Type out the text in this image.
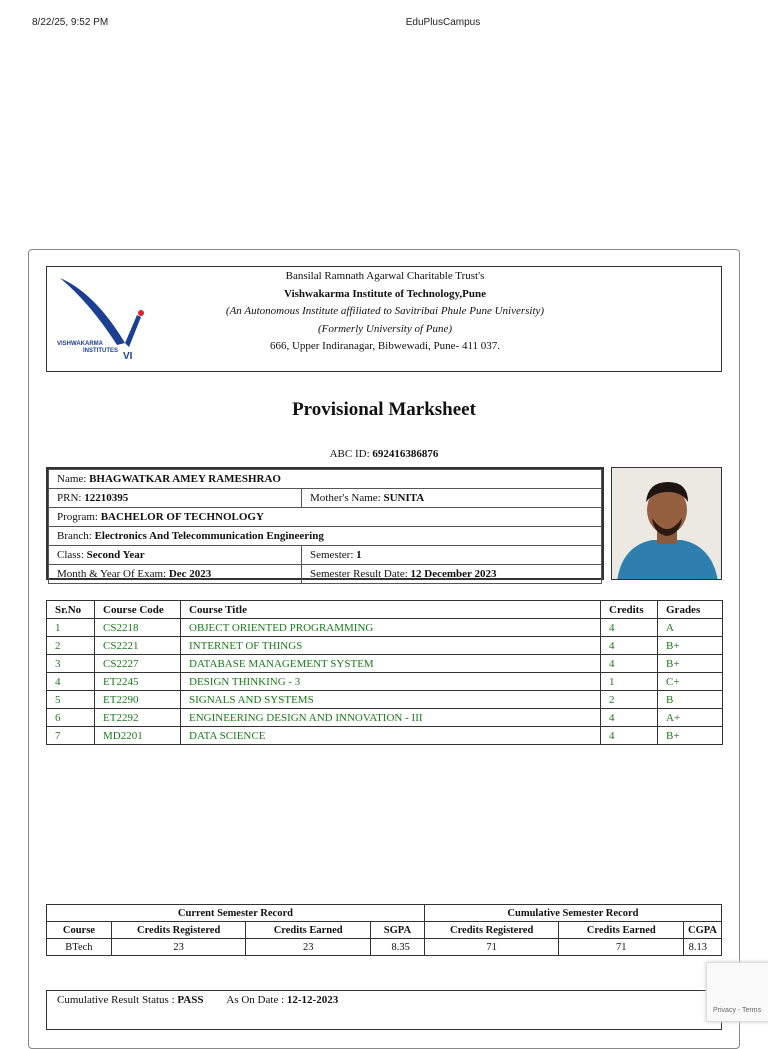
8/22/25, 9:52 PM	EduPlusCampus
VISHWAKARMA
INSTITUTES VI
Bansilal Ramnath Agarwal Charitable Trust's
Vishwakarma Institute of Technology,Pune
(An Autonomous Institute affiliated to Savitribai Phule Pune University)
(Formerly University of Pune)
666, Upper Indiranagar, Bibwewadi, Pune- 411 037.
Provisional Marksheet
ABC ID: 692416386876
Name: BHAGWATKAR AMEY RAMESHRAO	
PRN: 12210395	Mother's Name: SUNITA
Program: BACHELOR OF TECHNOLOGY	
Branch: Electronics And Telecommunication Engineering	
Class: Second Year	Semester: 1
Month & Year Of Exam: Dec 2023	Semester Result Date: 12 December 2023
Sr.No	Course Code	Course Title	Credits	Grades
1	CS2218	OBJECT ORIENTED PROGRAMMING	4	A
2	CS2221	INTERNET OF THINGS	4	B+
3	CS2227	DATABASE MANAGEMENT SYSTEM	4	B+
4	ET2245	DESIGN THINKING - 3	1	C+
5	ET2290	SIGNALS AND SYSTEMS	2	B
6	ET2292	ENGINEERING DESIGN AND INNOVATION - III	4	A+
7	MD2201	DATA SCIENCE	4	B+
Current Semester Record				Cumulative Semester Record		
Course	Credits Registered	Credits Earned	SGPA	Credits Registered	Credits Earned	CGPA
BTech	23	23	8.35	71	71	8.13
Cumulative Result Status : PASS As On Date : 12-12-2023
Privacy - Terms
